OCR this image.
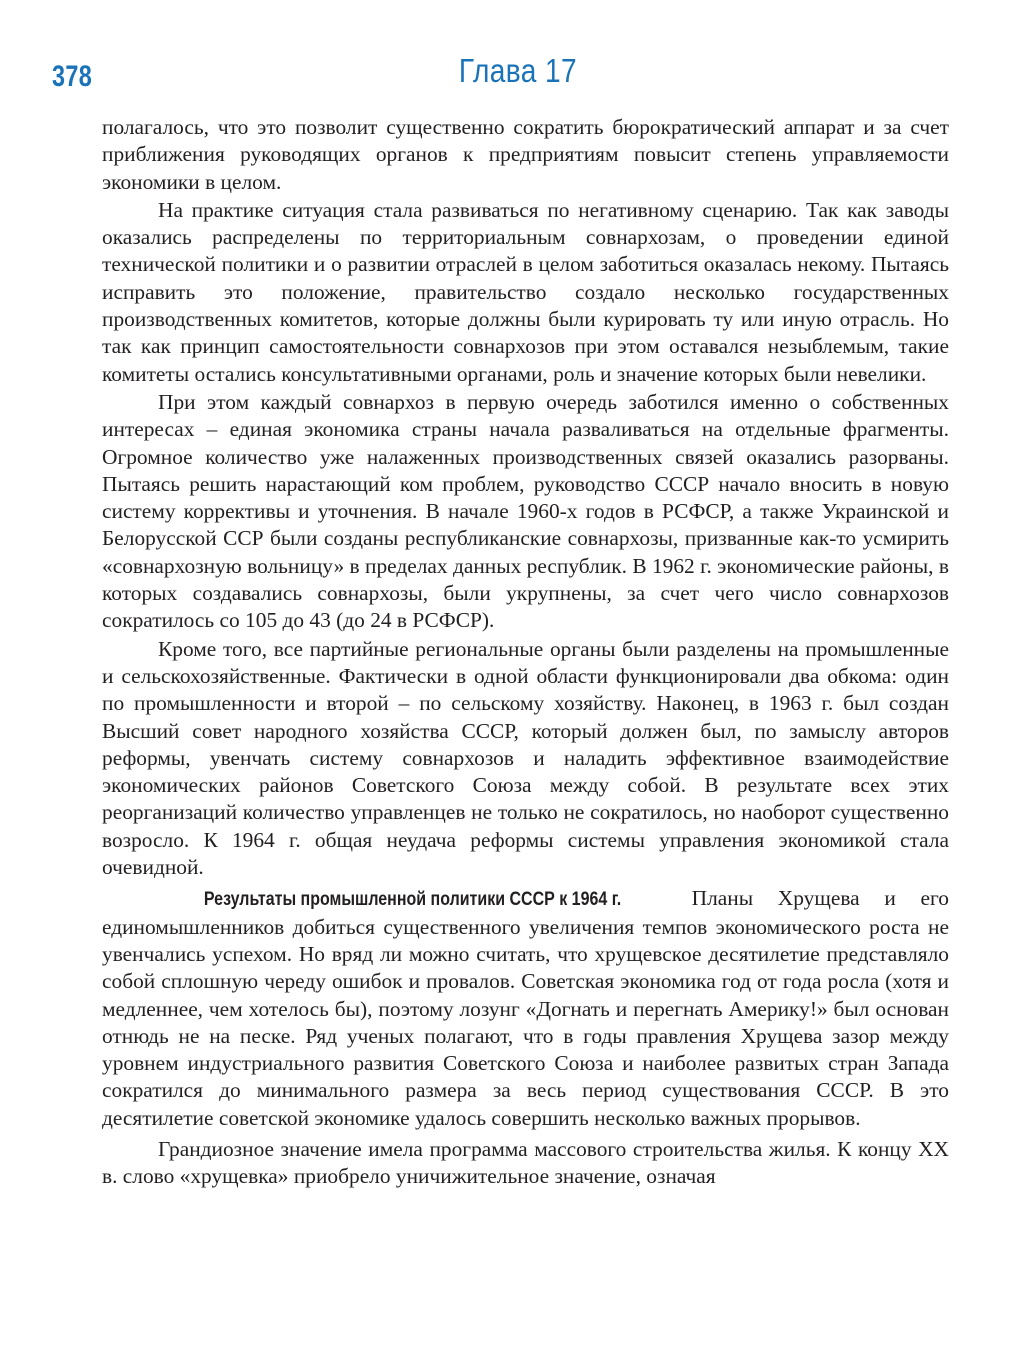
378	Глава 17

полагалось, что это позволит существенно сократить бюрократический аппарат и за счет приближения руководящих органов к предприятиям повысит степень управляемости экономики в целом.

На практике ситуация стала развиваться по негативному сценарию. Так как заводы оказались распределены по территориальным совнархозам, о проведении единой технической политики и о развитии отраслей в целом заботиться оказалась некому. Пытаясь исправить это положение, правительство создало несколько государственных производственных комитетов, которые должны были курировать ту или иную отрасль. Но так как принцип самостоятельности совнархозов при этом оставался незыблемым, такие комитеты остались консультативными органами, роль и значение которых были невелики.

При этом каждый совнархоз в первую очередь заботился именно о собственных интересах – единая экономика страны начала разваливаться на отдельные фрагменты. Огромное количество уже налаженных производственных связей оказались разорваны. Пытаясь решить нарастающий ком проблем, руководство СССР начало вносить в новую систему коррективы и уточнения. В начале 1960-х годов в РСФСР, а также Украинской и Белорусской ССР были созданы республиканские совнархозы, призванные как-то усмирить «совнархозную вольницу» в пределах данных республик. В 1962 г. экономические районы, в которых создавались совнархозы, были укрупнены, за счет чего число совнархозов сократилось со 105 до 43 (до 24 в РСФСР).

Кроме того, все партийные региональные органы были разделены на промышленные и сельскохозяйственные. Фактически в одной области функционировали два обкома: один по промышленности и второй – по сельскому хозяйству. Наконец, в 1963 г. был создан Высший совет народного хозяйства СССР, который должен был, по замыслу авторов реформы, увенчать систему совнархозов и наладить эффективное взаимодействие экономических районов Советского Союза между собой. В результате всех этих реорганизаций количество управленцев не только не сократилось, но наоборот существенно возросло. К 1964 г. общая неудача реформы системы управления экономикой стала очевидной.

Результаты промышленной политики СССР к 1964 г.	Планы Хрущева и его единомышленников добиться существенного увеличения темпов экономического роста не увенчались успехом. Но вряд ли можно считать, что хрущевское десятилетие представляло собой сплошную череду ошибок и провалов. Советская экономика год от года росла (хотя и медленнее, чем хотелось бы), поэтому лозунг «Догнать и перегнать Америку!» был основан отнюдь не на песке. Ряд ученых полагают, что в годы правления Хрущева зазор между уровнем индустриального развития Советского Союза и наиболее развитых стран Запада сократился до минимального размера за весь период существования СССР. В это десятилетие советской экономике удалось совершить несколько важных прорывов.

Грандиозное значение имела программа массового строительства жилья. К концу XX в. слово «хрущевка» приобрело уничижительное значение, означая
